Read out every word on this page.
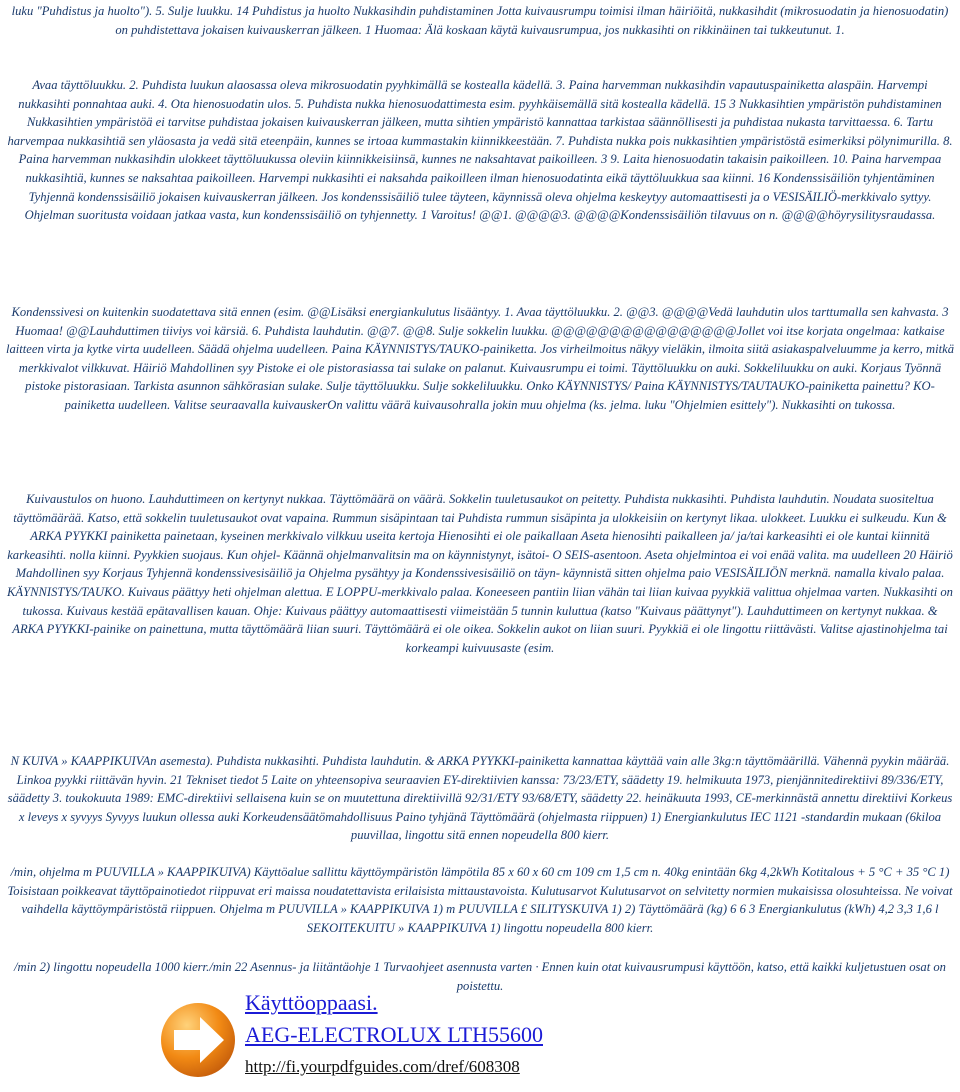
luku "Puhdistus ja huolto"). 5. Sulje luukku. 14 Puhdistus ja huolto Nukkasihdin puhdistaminen Jotta kuivausrumpu toimisi ilman häiriöitä, nukkasihdit (mikrosuodatin ja hienosuodatin) on puhdistettava jokaisen kuivauskerran jälkeen. 1 Huomaa: Älä koskaan käytä kuivausrumpua, jos nukkasihti on rikkinäinen tai tukkeutunut. 1.

Avaa täyttöluukku. 2. Puhdista luukun alaosassa oleva mikrosuodatin pyyhkimällä se kostealla kädellä. 3. Paina harvemman nukkasihdin vapautuspainiketta alaspäin. Harvempi nukkasihti ponnahtaa auki. 4. Ota hienosuodatin ulos. 5. Puhdista nukka hienosuodattimesta esim. pyyhkäisemällä sitä kostealla kädellä. 15 3 Nukkasihtien ympäristön puhdistaminen Nukkasihtien ympäristöä ei tarvitse puhdistaa jokaisen kuivauskerran jälkeen, mutta sihtien ympäristö kannattaa tarkistaa säännöllisesti ja puhdistaa nukasta tarvittaessa. 6. Tartu harvempaa nukkasihtiä sen yläosasta ja vedä sitä eteenpäin, kunnes se irtoaa kummastakin kiinnikkeestään. 7. Puhdista nukka pois nukkasihtien ympäristöstä esimerkiksi pölynimurilla. 8. Paina harvemman nukkasihdin ulokkeet täyttöluukussa oleviin kiinnikkeisiinsä, kunnes ne naksahtavat paikoilleen. 3 9. Laita hienosuodatin takaisin paikoilleen. 10. Paina harvempaa nukkasihtiä, kunnes se naksahtaa paikoilleen. Harvempi nukkasihti ei naksahda paikoilleen ilman hienosuodatinta eikä täyttöluukkua saa kiinni. 16 Kondenssisäiliön tyhjentäminen Tyhjennä kondenssisäiliö jokaisen kuivauskerran jälkeen. Jos kondenssisäiliö tulee täyteen, käynnissä oleva ohjelma keskeytyy automaattisesti ja o VESISÄILIÖ-merkkivalo syttyy. Ohjelman suoritusta voidaan jatkaa vasta, kun kondenssisäiliö on tyhjennetty. 1 Varoitus! @@1. @@@@3. @@@@Kondenssisäiliön tilavuus on n. @@@@höyrysilitysraudassa.

Kondenssivesi on kuitenkin suodatettava sitä ennen (esim. @@Lisäksi energiankulutus lisääntyy. 1. Avaa täyttöluukku. 2. @@3. @@@@Vedä lauhdutin ulos tarttumalla sen kahvasta. 3 Huomaa! @@Lauhduttimen tiiviys voi kärsiä. 6. Puhdista lauhdutin. @@7. @@8. Sulje sokkelin luukku. @@@@@@@@@@@@@@@@Jollet voi itse korjata ongelmaa: katkaise laitteen virta ja kytke virta uudelleen. Säädä ohjelma uudelleen. Paina KÄYNNISTYS/TAUKO-painiketta. Jos virheilmoitus näkyy vieläkin, ilmoita siitä asiakaspalveluumme ja kerro, mitkä merkkivalot vilkkuvat. Häiriö Mahdollinen syy Pistoke ei ole pistorasiassa tai sulake on palanut. Kuivausrumpu ei toimi. Täyttöluukku on auki. Sokkeliluukku on auki. Korjaus Työnnä pistoke pistorasiaan. Tarkista asunnon sähkörasian sulake. Sulje täyttöluukku. Sulje sokkeliluukku. Onko KÄYNNISTYS/ Paina KÄYNNISTYS/TAUTAUKO-painiketta painettu? KO-painiketta uudelleen. Valitse seuraavalla kuivauskerOn valittu väärä kuivausohralla jokin muu ohjelma (ks. jelma. luku "Ohjelmien esittely"). Nukkasihti on tukossa.

Kuivaustulos on huono. Lauhduttimeen on kertynyt nukkaa. Täyttömäärä on väärä. Sokkelin tuuletusaukot on peitetty. Puhdista nukkasihti. Puhdista lauhdutin. Noudata suositeltua täyttömäärää. Katso, että sokkelin tuuletusaukot ovat vapaina. Rummun sisäpintaan tai Puhdista rummun sisäpinta ja ulokkeisiin on kertynyt likaa. ulokkeet. Luukku ei sulkeudu. Kun & ARKA PYYKKI painiketta painetaan, kyseinen merkkivalo vilkkuu useita kertoja Hienosihti ei ole paikallaan Aseta hienosihti paikalleen ja/ ja/tai karkeasihti ei ole kuntai kiinnitä karkeasihti. nolla kiinni. Pyykkien suojaus. Kun ohjel- Käännä ohjelmanvalitsin ma on käynnistynyt, isätoi- O SEIS-asentoon. Aseta ohjelmintoa ei voi enää valita. ma uudelleen 20 Häiriö Mahdollinen syy Korjaus Tyhjennä kondenssivesisäiliö ja Ohjelma pysähtyy ja Kondenssivesisäiliö on täyn- käynnistä sitten ohjelma paio VESISÄILIÖN merknä. namalla kivalo palaa. KÄYNNISTYS/TAUKO. Kuivaus päättyy heti ohjelman alettua. E LOPPU-merkkivalo palaa. Koneeseen pantiin liian vähän tai liian kuivaa pyykkiä valittua ohjelmaa varten. Nukkasihti on tukossa. Kuivaus kestää epätavallisen kauan. Ohje: Kuivaus päättyy automaattisesti viimeistään 5 tunnin kuluttua (katso "Kuivaus päättynyt"). Lauhduttimeen on kertynyt nukkaa. & ARKA PYYKKI-painike on painettuna, mutta täyttömäärä liian suuri. Täyttömäärä ei ole oikea. Sokkelin aukot on liian suuri. Pyykkiä ei ole lingottu riittävästi. Valitse ajastinohjelma tai korkeampi kuivuusaste (esim.

N KUIVA » KAAPPIKUIVAn asemesta). Puhdista nukkasihti. Puhdista lauhdutin. & ARKA PYYKKI-painiketta kannattaa käyttää vain alle 3kg:n täyttömäärillä. Vähennä pyykin määrää. Linkoa pyykki riittävän hyvin. 21 Tekniset tiedot 5 Laite on yhteensopiva seuraavien EY-direktiivien kanssa: 73/23/ETY, säädetty 19. helmikuuta 1973, pienjännitedirektiivi 89/336/ETY, säädetty 3. toukokuuta 1989: EMC-direktiivi sellaisena kuin se on muutettuna direktiivillä 92/31/ETY 93/68/ETY, säädetty 22. heinäkuuta 1993, CE-merkinnästä annettu direktiivi Korkeus x leveys x syvyys Syvyys luukun ollessa auki Korkeudensäätömahdollisuus Paino tyhjänä Täyttömäärä (ohjelmasta riippuen) 1) Energiankulutus IEC 1121 -standardin mukaan (6kiloa puuvillaa, lingottu sitä ennen nopeudella 800 kierr.

/min, ohjelma m PUUVILLA » KAAPPIKUIVA) Käyttöalue sallittu käyttöympäristön lämpötila 85 x 60 x 60 cm 109 cm 1,5 cm n. 40kg enintään 6kg 4,2kWh Kotitalous + 5 °C + 35 °C 1) Toisistaan poikkeavat täyttöpainotiedot riippuvat eri maissa noudatettavista erilaisista mittaustavoista. Kulutusarvot Kulutusarvot on selvitetty normien mukaisissa olosuhteissa. Ne voivat vaihdella käyttöympäristöstä riippuen. Ohjelma m PUUVILLA » KAAPPIKUIVA 1) m PUUVILLA £ SILITYSKUIVA 1) 2) Täyttömäärä (kg) 6 6 3 Energiankulutus (kWh) 4,2 3,3 1,6 l SEKOITEKUITU » KAAPPIKUIVA 1) lingottu nopeudella 800 kierr.

/min 2) lingottu nopeudella 1000 kierr./min 22 Asennus- ja liitäntäohje 1 Turvaohjeet asennusta varten · Ennen kuin otat kuivausrumpusi käyttöön, katso, että kaikki kuljetustuen osat on poistettu.

Käyttöoppaasi.
AEG-ELECTROLUX LTH55600
http://fi.yourpdfguides.com/dref/608308
